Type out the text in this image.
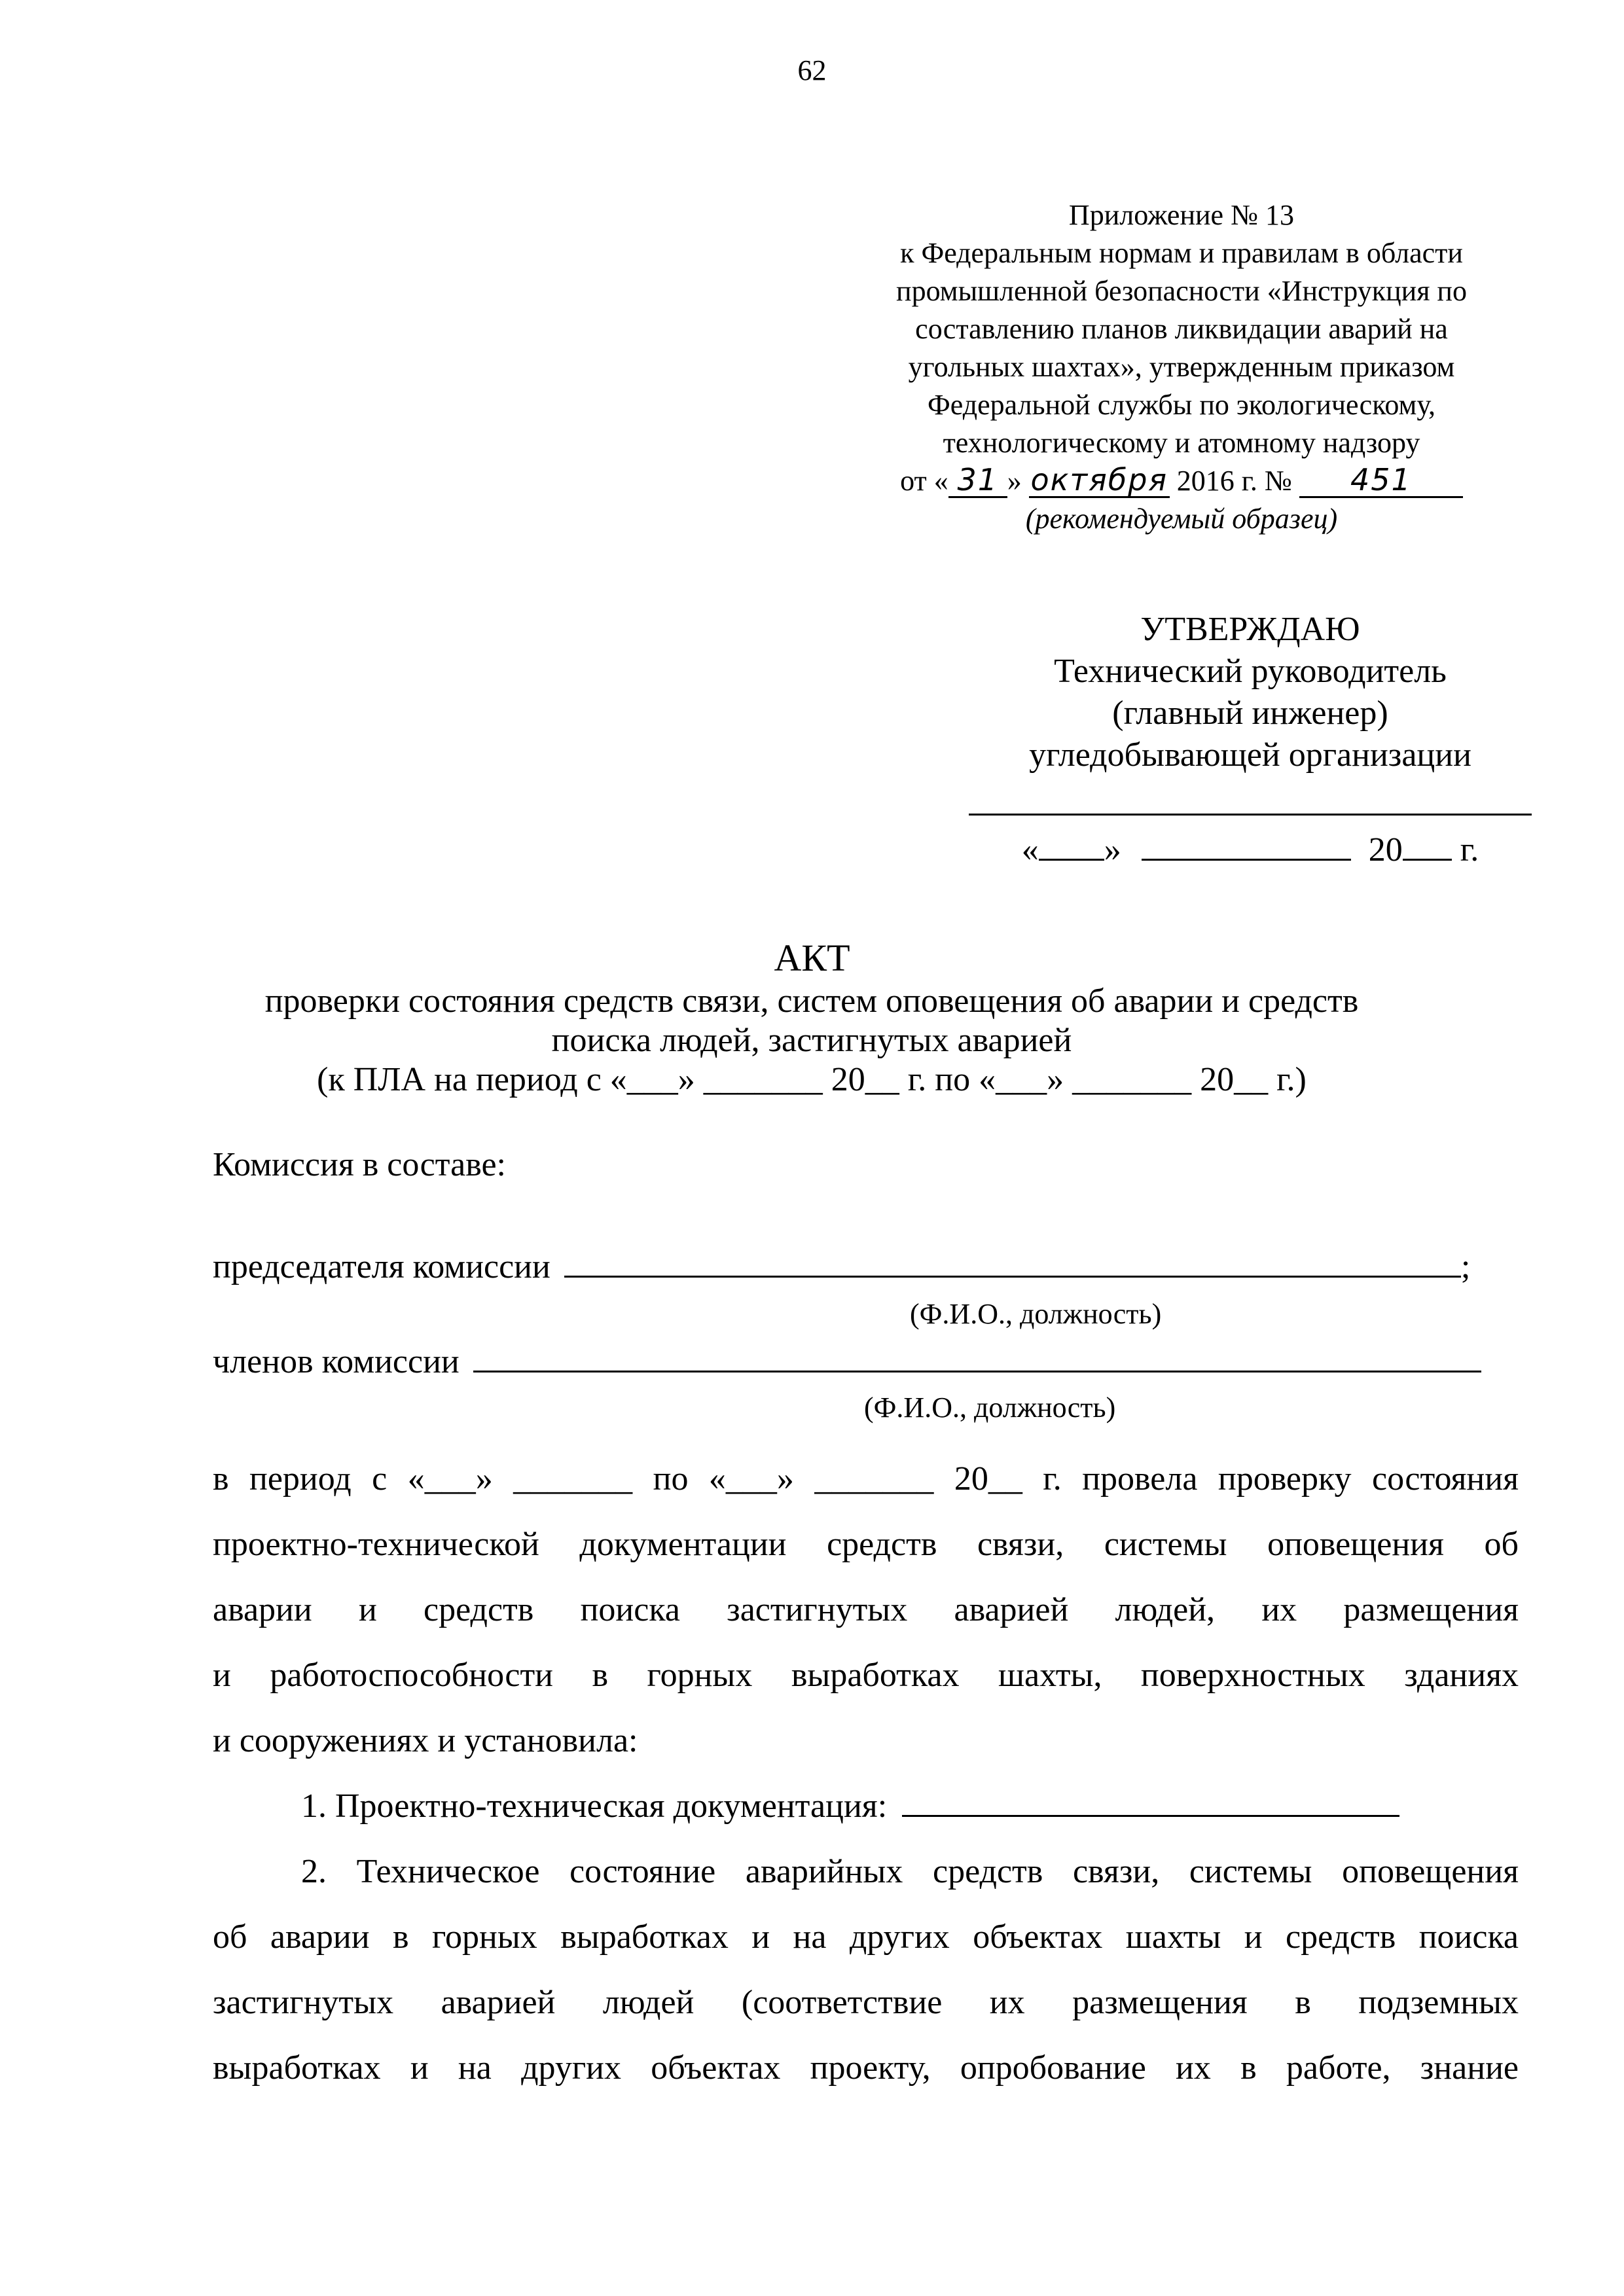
62
Приложение № 13
к Федеральным нормам и правилам в области
промышленной безопасности «Инструкция по
составлению планов ликвидации аварий на
угольных шахтах», утвержденным приказом
Федеральной службы по экологическому,
технологическому и атомному надзору
от « 31 » октября 2016 г. № 451
(рекомендуемый образец)
УТВЕРЖДАЮ
Технический руководитель
(главный инженер)
угледобывающей организации
« »	20 г.
АКТ
проверки состояния средств связи, систем оповещения об аварии и средств
поиска людей, застигнутых аварией
(к ПЛА на период с «___» _______ 20__ г. по «___» _______ 20__ г.)
Комиссия в составе:
председателя комиссии	;
(Ф.И.О., должность)
членов комиссии
(Ф.И.О., должность)
в период с «___» _______ по «___» _______ 20__ г. провела проверку состояния
проектно-технической документации средств связи, системы оповещения об
аварии и средств поиска застигнутых аварией людей, их размещения
и работоспособности в горных выработках шахты, поверхностных зданиях
и сооружениях и установила:
1. Проектно-техническая документация:
2. Техническое состояние аварийных средств связи, системы оповещения
об аварии в горных выработках и на других объектах шахты и средств поиска
застигнутых аварией людей (соответствие их размещения в подземных
выработках и на других объектах проекту, опробование их в работе, знание
